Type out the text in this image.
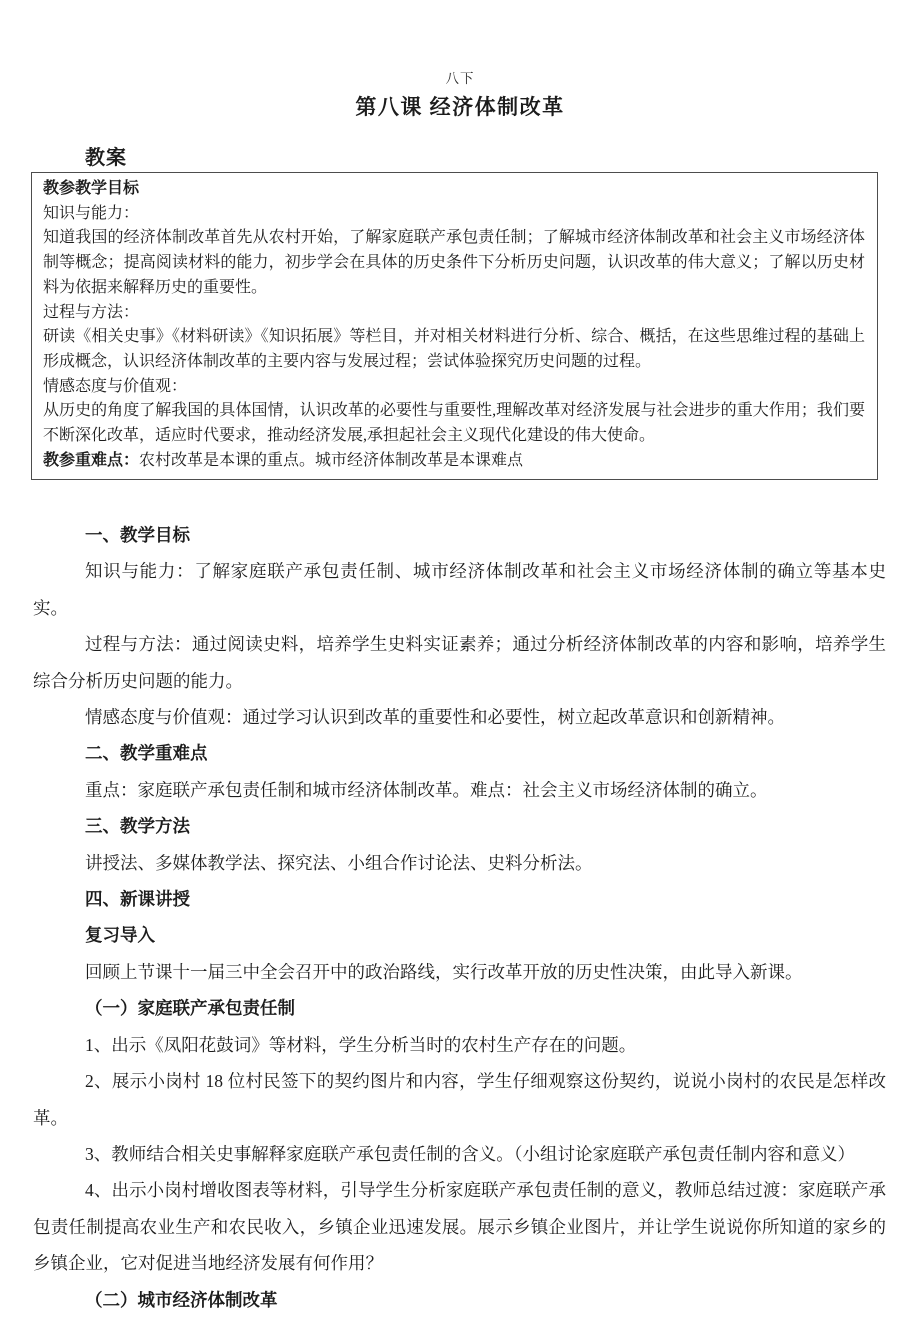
八下
第八课 经济体制改革
教案

教参教学目标

知识与能力：

知道我国的经济体制改革首先从农村开始，了解家庭联产承包责任制；了解城市经济体制改革和社会主义市场经济体制等概念；提高阅读材料的能力，初步学会在具体的历史条件下分析历史问题，认识改革的伟大意义；了解以历史材料为依据来解释历史的重要性。

过程与方法：

研读《相关史事》《材料研读》《知识拓展》等栏目，并对相关材料进行分析、综合、概括，在这些思维过程的基础上形成概念，认识经济体制改革的主要内容与发展过程；尝试体验探究历史问题的过程。

情感态度与价值观：

从历史的角度了解我国的具体国情，认识改革的必要性与重要性,理解改革对经济发展与社会进步的重大作用；我们要不断深化改革，适应时代要求，推动经济发展,承担起社会主义现代化建设的伟大使命。

教参重难点：农村改革是本课的重点。城市经济体制改革是本课难点

一、教学目标

知识与能力：了解家庭联产承包责任制、城市经济体制改革和社会主义市场经济体制的确立等基本史实。

过程与方法：通过阅读史料，培养学生史料实证素养；通过分析经济体制改革的内容和影响，培养学生综合分析历史问题的能力。

情感态度与价值观：通过学习认识到改革的重要性和必要性，树立起改革意识和创新精神。

二、教学重难点

重点：家庭联产承包责任制和城市经济体制改革。难点：社会主义市场经济体制的确立。

三、教学方法

讲授法、多媒体教学法、探究法、小组合作讨论法、史料分析法。

四、新课讲授

复习导入

回顾上节课十一届三中全会召开中的政治路线，实行改革开放的历史性决策，由此导入新课。

（一）家庭联产承包责任制

1、出示《凤阳花鼓词》等材料，学生分析当时的农村生产存在的问题。

2、展示小岗村 18 位村民签下的契约图片和内容，学生仔细观察这份契约，说说小岗村的农民是怎样改革。

3、教师结合相关史事解释家庭联产承包责任制的含义。（小组讨论家庭联产承包责任制内容和意义）

4、出示小岗村增收图表等材料，引导学生分析家庭联产承包责任制的意义，教师总结过渡：家庭联产承包责任制提高农业生产和农民收入，乡镇企业迅速发展。展示乡镇企业图片，并让学生说说你所知道的家乡的乡镇企业，它对促进当地经济发展有何作用？

（二）城市经济体制改革
